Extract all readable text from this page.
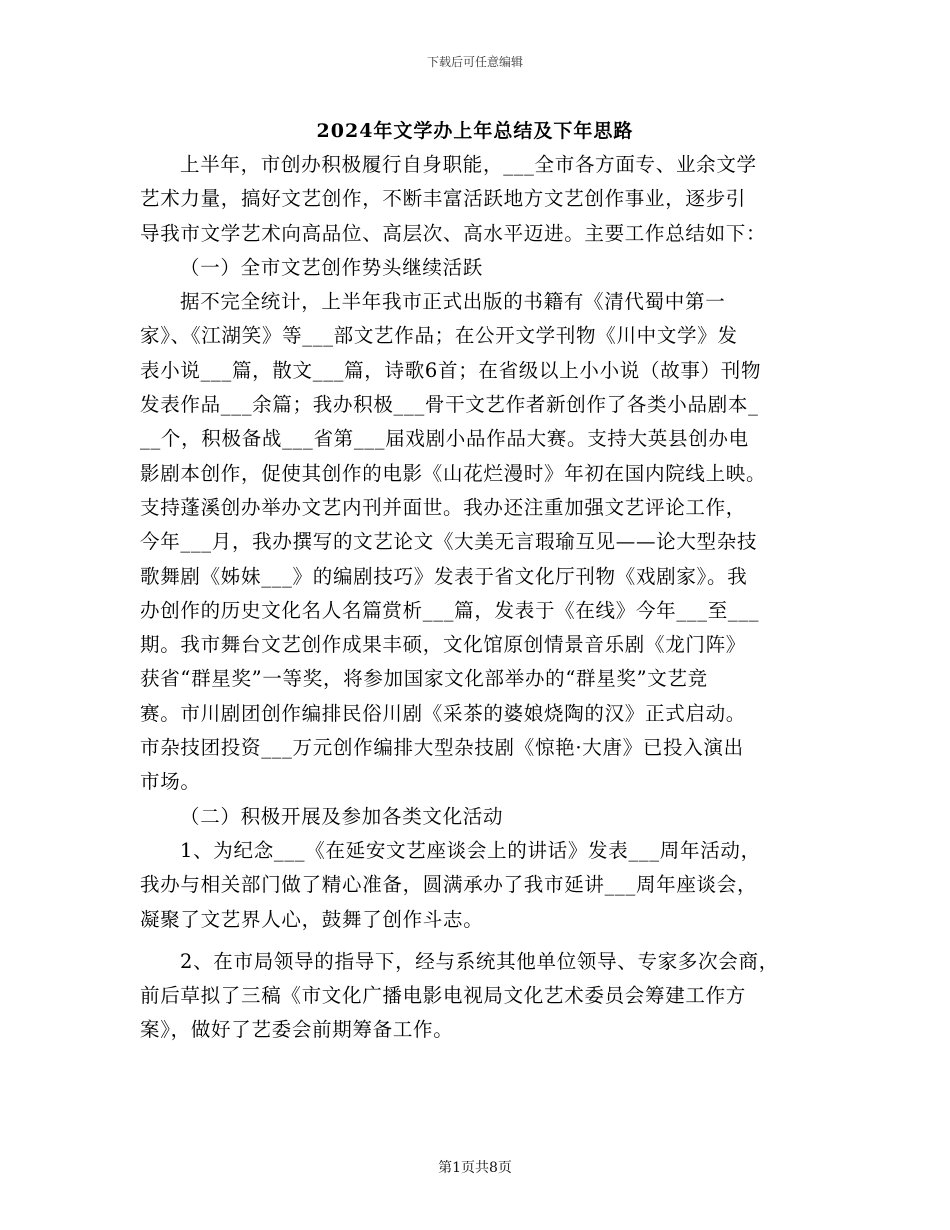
下载后可任意编辑
2024年文学办上年总结及下年思路
上半年，市创办积极履行自身职能，___全市各方面专、业余文学
艺术力量，搞好文艺创作，不断丰富活跃地方文艺创作事业，逐步引
导我市文学艺术向高品位、高层次、高水平迈进。主要工作总结如下：
（一）全市文艺创作势头继续活跃
据不完全统计，上半年我市正式出版的书籍有《清代蜀中第一
家》、《江湖笑》等___部文艺作品；在公开文学刊物《川中文学》发
表小说___篇，散文___篇，诗歌6首；在省级以上小小说（故事）刊物
发表作品___余篇；我办积极___骨干文艺作者新创作了各类小品剧本_
__个，积极备战___省第___届戏剧小品作品大赛。支持大英县创办电
影剧本创作，促使其创作的电影《山花烂漫时》年初在国内院线上映。
支持蓬溪创办举办文艺内刊并面世。我办还注重加强文艺评论工作，
今年___月，我办撰写的文艺论文《大美无言瑕瑜互见——论大型杂技
歌舞剧《姊妹___》的编剧技巧》发表于省文化厅刊物《戏剧家》。我
办创作的历史文化名人名篇赏析___篇，发表于《在线》今年___至___
期。我市舞台文艺创作成果丰硕，文化馆原创情景音乐剧《龙门阵》
获省“群星奖”一等奖，将参加国家文化部举办的“群星奖”文艺竞
赛。市川剧团创作编排民俗川剧《采茶的婆娘烧陶的汉》正式启动。
市杂技团投资___万元创作编排大型杂技剧《惊艳·大唐》已投入演出
市场。
（二）积极开展及参加各类文化活动
1、为纪念___《在延安文艺座谈会上的讲话》发表___周年活动，
我办与相关部门做了精心准备，圆满承办了我市延讲___周年座谈会，
凝聚了文艺界人心，鼓舞了创作斗志。
2、在市局领导的指导下，经与系统其他单位领导、专家多次会商，
前后草拟了三稿《市文化广播电影电视局文化艺术委员会筹建工作方
案》，做好了艺委会前期筹备工作。
第1页共8页
